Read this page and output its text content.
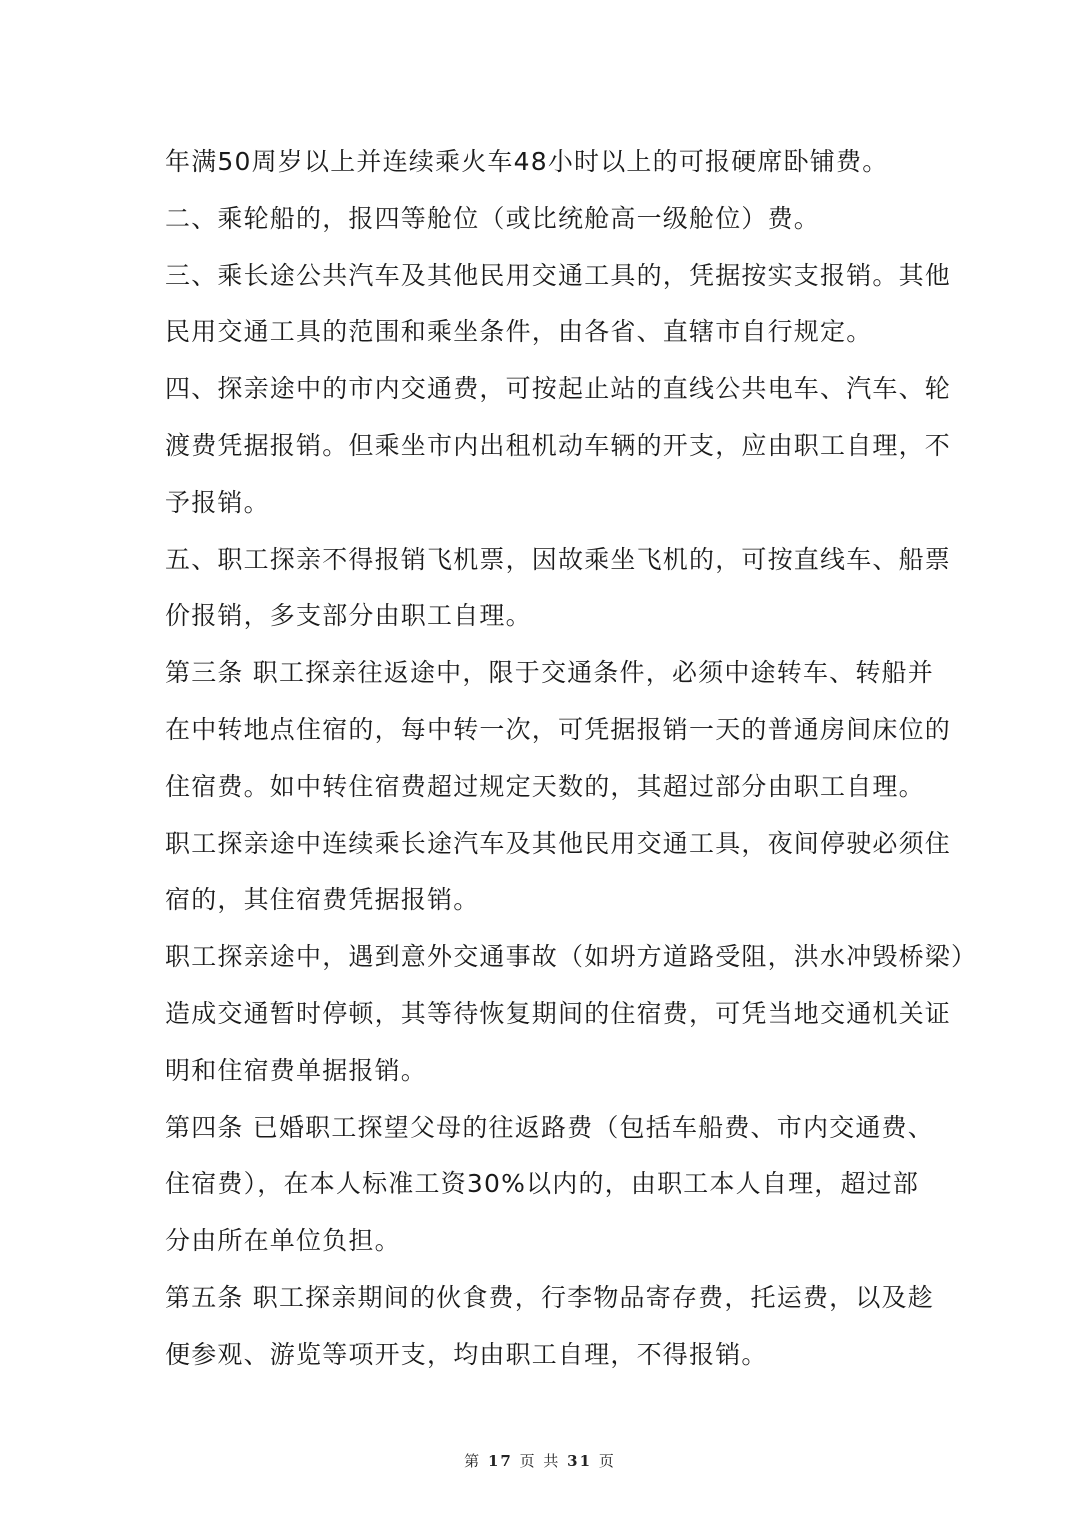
年满50周岁以上并连续乘火车48小时以上的可报硬席卧铺费。
二、乘轮船的，报四等舱位（或比统舱高一级舱位）费。
三、乘长途公共汽车及其他民用交通工具的，凭据按实支报销。其他
民用交通工具的范围和乘坐条件，由各省、直辖市自行规定。
四、探亲途中的市内交通费，可按起止站的直线公共电车、汽车、轮
渡费凭据报销。但乘坐市内出租机动车辆的开支，应由职工自理，不
予报销。
五、职工探亲不得报销飞机票，因故乘坐飞机的，可按直线车、船票
价报销，多支部分由职工自理。
第三条 职工探亲往返途中，限于交通条件，必须中途转车、转船并
在中转地点住宿的，每中转一次，可凭据报销一天的普通房间床位的
住宿费。如中转住宿费超过规定天数的，其超过部分由职工自理。
职工探亲途中连续乘长途汽车及其他民用交通工具，夜间停驶必须住
宿的，其住宿费凭据报销。
职工探亲途中，遇到意外交通事故（如坍方道路受阻，洪水冲毁桥梁）
造成交通暂时停顿，其等待恢复期间的住宿费，可凭当地交通机关证
明和住宿费单据报销。
第四条 已婚职工探望父母的往返路费（包括车船费、市内交通费、
住宿费），在本人标准工资30%以内的，由职工本人自理，超过部
分由所在单位负担。
第五条 职工探亲期间的伙食费，行李物品寄存费，托运费，以及趁
便参观、游览等项开支，均由职工自理，不得报销。
第 17 页 共 31 页
